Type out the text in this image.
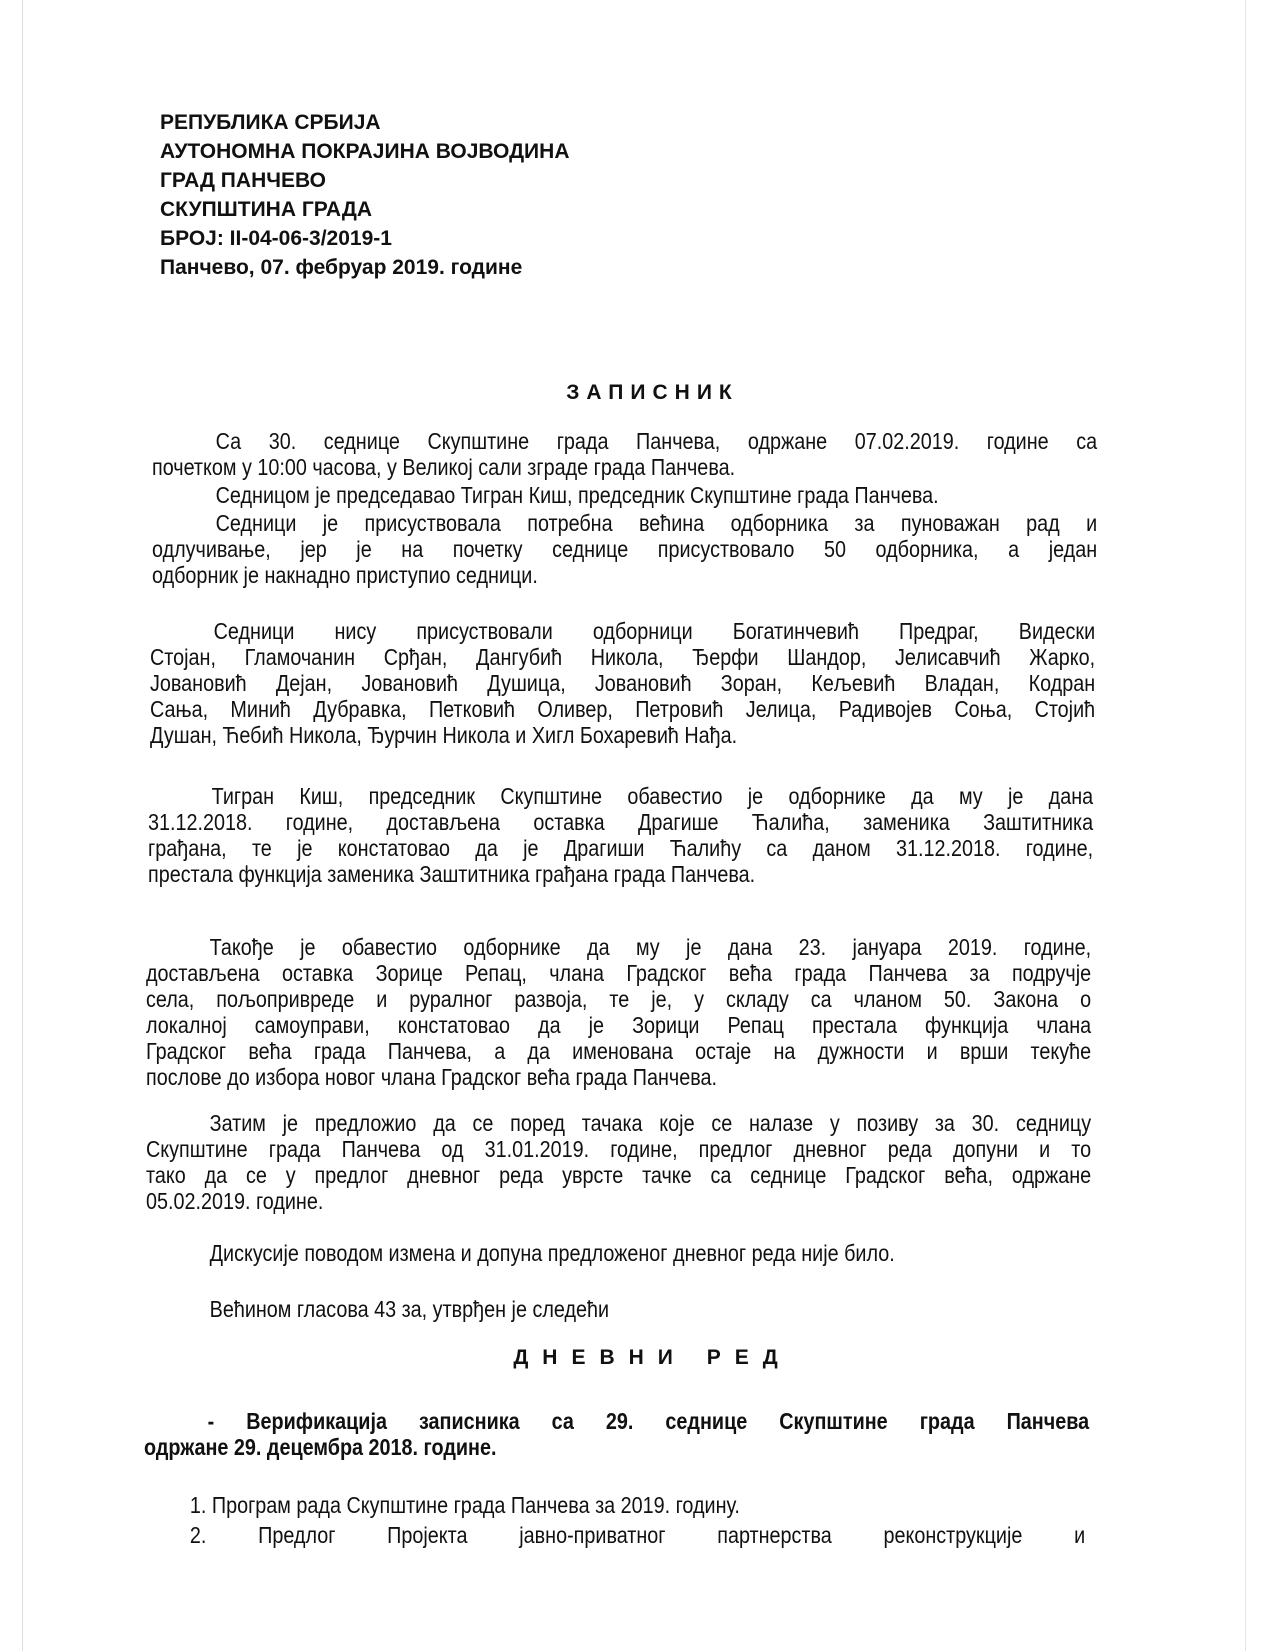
РЕПУБЛИКА СРБИЈА
АУТОНОМНА ПОКРАЈИНА ВОЈВОДИНА
ГРАД ПАНЧЕВО
СКУПШТИНА ГРАДА
БРОЈ: II-04-06-3/2019-1
Панчево, 07. фебруар 2019. године
ЗАПИСНИК
ДНЕВНИ РЕД
Са 30. седнице Скупштине града Панчева, одржане 07.02.2019. године са
почетком у 10:00 часова, у Великој сали зграде града Панчева.
Седницом је председавао Тигран Киш, председник Скупштине града Панчева.
Седници је присуствовала потребна већина одборника за пуноважан рад и
одлучивање, јер је на почетку седнице присуствовало 50 одборника, а један
одборник је накнадно приступио седници.
Седници нису присуствовали одборници Богатинчевић Предраг, Видески
Стојан, Гламочанин Срђан, Дангубић Никола, Ђерфи Шандор, Јелисавчић Жарко,
Јовановић Дејан, Јовановић Душица, Јовановић Зоран, Кељевић Владан, Кодран
Сања, Минић Дубравка, Петковић Оливер, Петровић Јелица, Радивојев Соња, Стојић
Душан, Ћебић Никола, Ђурчин Никола и Хигл Бохаревић Нађа.
Тигран Киш, председник Скупштине обавестио је одборнике да му је дана
31.12.2018. године, достављена оставка Драгише Ћалића, заменика Заштитника
грађана, те је констатовао да је Драгиши Ћалићу са даном 31.12.2018. године,
престала функција заменика Заштитника грађана града Панчева.
Такође је обавестио одборнике да му је дана 23. јануара 2019. године,
достављена оставка Зорице Репац, члана Градског већа града Панчева за подручје
села, пољопривреде и руралног развоја, те је, у складу са чланом 50. Закона о
локалној самоуправи, констатовао да је Зорици Репац престала функција члана
Градског већа града Панчева, а да именована остаје на дужности и врши текуће
послове до избора новог члана Градског већа града Панчева.
Затим је предложио да се поред тачака које се налазе у позиву за 30. седницу
Скупштине града Панчева од 31.01.2019. године, предлог дневног реда допуни и то
тако да се у предлог дневног реда уврсте тачке са седнице Градског већа, одржане
05.02.2019. године.
Дискусије поводом измена и допуна предложеног дневног реда није било.
Већином гласова 43 за, утврђен је следећи
- Верификација записника са 29. седнице Скупштине града Панчева
одржане 29. децембра 2018. године.
1. Програм рада Скупштине града Панчева за 2019. годину.
2. Предлог Пројекта јавно-приватног партнерства реконструкције и
